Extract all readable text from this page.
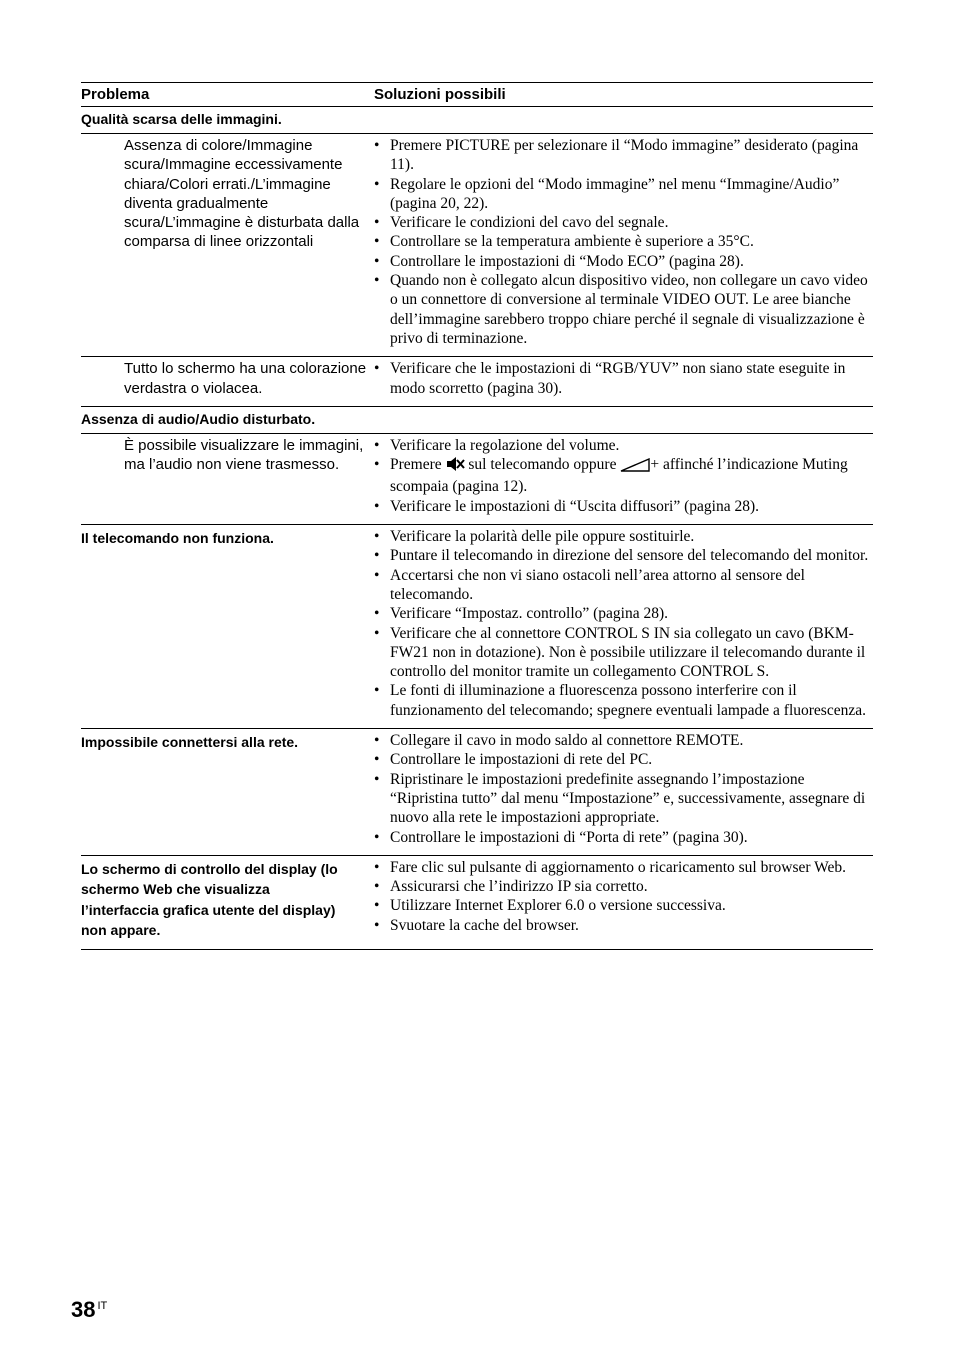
Problema	Soluzioni possibili
Qualità scarsa delle immagini.
Assenza di colore/Immagine scura/Immagine eccessivamente chiara/Colori errati./L’immagine diventa gradualmente scura/L’immagine è disturbata dalla comparsa di linee orizzontali
• Premere PICTURE per selezionare il “Modo immagine” desiderato (pagina 11).
• Regolare le opzioni del “Modo immagine” nel menu “Immagine/Audio” (pagina 20, 22).
• Verificare le condizioni del cavo del segnale.
• Controllare se la temperatura ambiente è superiore a 35°C.
• Controllare le impostazioni di “Modo ECO” (pagina 28).
• Quando non è collegato alcun dispositivo video, non collegare un cavo video o un connettore di conversione al terminale VIDEO OUT. Le aree bianche dell’immagine sarebbero troppo chiare perché il segnale di visualizzazione è privo di terminazione.
Tutto lo schermo ha una colorazione verdastra o violacea.
• Verificare che le impostazioni di “RGB/YUV” non siano state eseguite in modo scorretto (pagina 30).
Assenza di audio/Audio disturbato.
È possibile visualizzare le immagini, ma l’audio non viene trasmesso.
• Verificare la regolazione del volume.
• Premere sul telecomando oppure + affinché l’indicazione Muting scompaia (pagina 12).
• Verificare le impostazioni di “Uscita diffusori” (pagina 28).
Il telecomando non funziona.	• Verificare la polarità delle pile oppure sostituirle.
• Puntare il telecomando in direzione del sensore del telecomando del monitor.
• Accertarsi che non vi siano ostacoli nell’area attorno al sensore del telecomando.
• Verificare “Impostaz. controllo” (pagina 28).
• Verificare che al connettore CONTROL S IN sia collegato un cavo (BKM-FW21 non in dotazione). Non è possibile utilizzare il telecomando durante il controllo del monitor tramite un collegamento CONTROL S.
• Le fonti di illuminazione a fluorescenza possono interferire con il funzionamento del telecomando; spegnere eventuali lampade a fluorescenza.
Impossibile connettersi alla rete.	• Collegare il cavo in modo saldo al connettore REMOTE.
• Controllare le impostazioni di rete del PC.
• Ripristinare le impostazioni predefinite assegnando l’impostazione “Ripristina tutto” dal menu “Impostazione” e, successivamente, assegnare di nuovo alla rete le impostazioni appropriate.
• Controllare le impostazioni di “Porta di rete” (pagina 30).
Lo schermo di controllo del display (lo schermo Web che visualizza l’interfaccia grafica utente del display) non appare.
• Fare clic sul pulsante di aggiornamento o ricaricamento sul browser Web.
• Assicurarsi che l’indirizzo IP sia corretto.
• Utilizzare Internet Explorer 6.0 o versione successiva.
• Svuotare la cache del browser.
38 $^{IT}$
